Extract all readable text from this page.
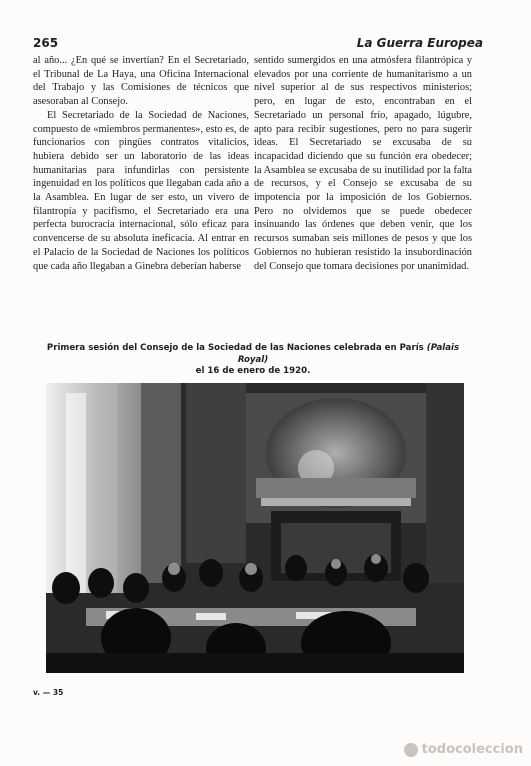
265	La Guerra Europea

al año... ¿En qué se invertían? En el Secretariado, el Tribunal de La Haya, una Oficina Internacional del Trabajo y las Comisiones de técnicos que asesoraban al Consejo.

El Secretariado de la Sociedad de Naciones, compuesto de «miembros permanentes», esto es, de funcionarios con pingües contratos vitalicios, hubiera debido ser un laboratorio de las ideas humanitarias para infundirlas con persistente ingenuidad en los políticos que llegaban cada año a la Asamblea. En lugar de ser esto, un vivero de filantropía y pacifismo, el Secretariado era una perfecta burocracia internacional, sólo eficaz para convencerse de su absoluta ineficacia. Al entrar en el Palacio de la Sociedad de Naciones los políticos que cada año llegaban a Ginebra deberían haberse

sentido sumergidos en una atmósfera filantrópica y elevados por una corriente de humanitarismo a un nivel superior al de sus respectivos ministerios; pero, en lugar de esto, encontraban en el Secretariado un personal frío, apagado, lúgubre, apto para recibir sugestiones, pero no para sugerir ideas. El Secretariado se excusaba de su incapacidad diciendo que su función era obedecer; la Asamblea se excusaba de su inutilidad por la falta de recursos, y el Consejo se excusaba de su impotencia por la imposición de los Gobiernos. Pero no olvidemos que se puede obedecer insinuando las órdenes que deben venir, que los recursos sumaban seis millones de pesos y que los Gobiernos no hubieran resistido la insubordinación del Consejo que tomara decisiones por unanimidad.

Primera sesión del Consejo de la Sociedad de las Naciones celebrada en París (Palais Royal)
el 16 de enero de 1920.
v. — 35
todocoleccion
